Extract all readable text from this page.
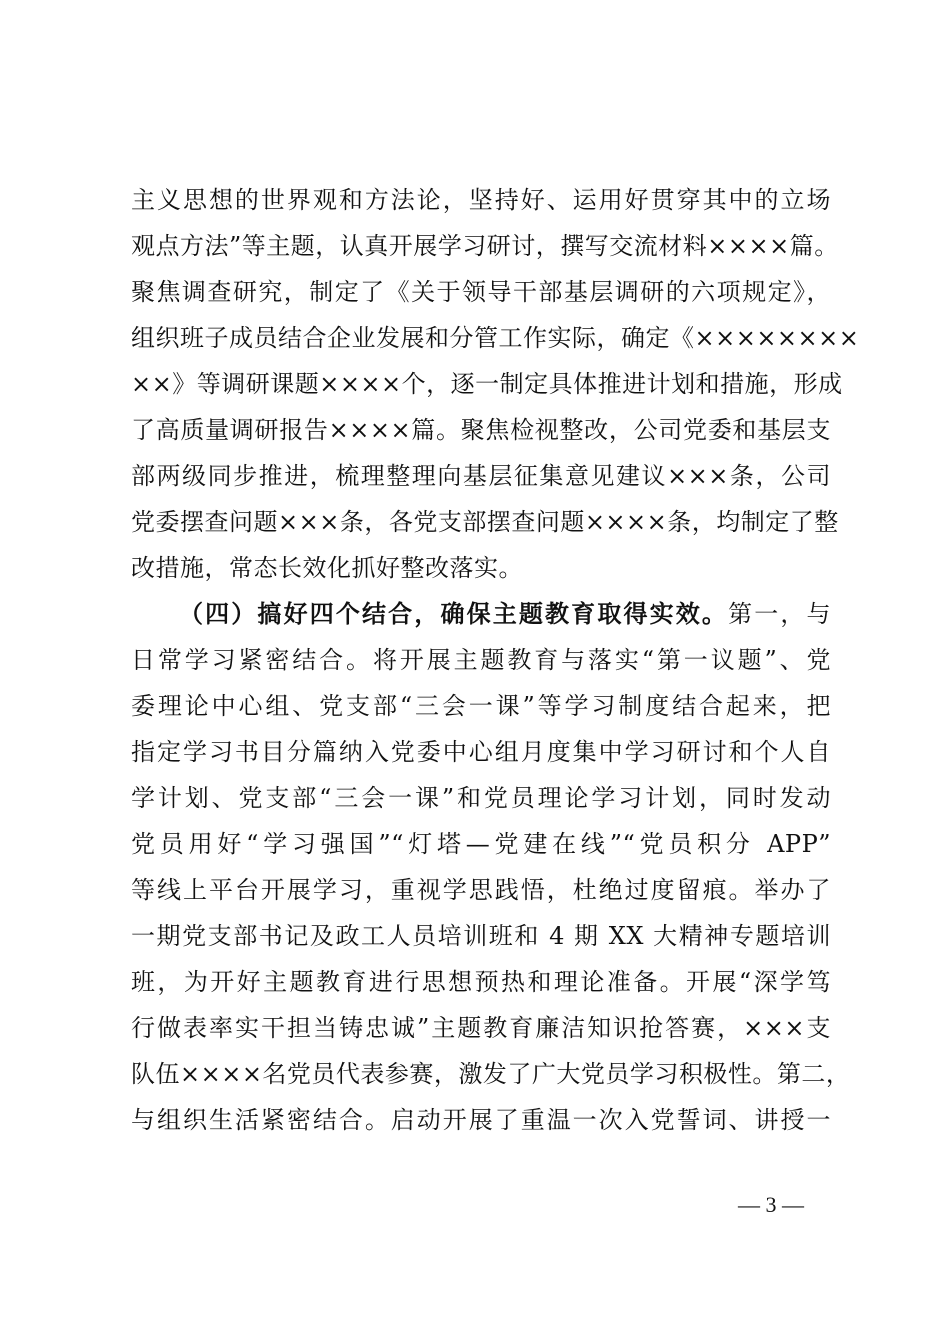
主义思想的世界观和方法论，坚持好、运用好贯穿其中的立场
观点方法”等主题，认真开展学习研讨，撰写交流材料××××篇。
聚焦调查研究，制定了《关于领导干部基层调研的六项规定》，
组织班子成员结合企业发展和分管工作实际，确定《××××××××
××》等调研课题××××个，逐一制定具体推进计划和措施，形成
了高质量调研报告××××篇。聚焦检视整改，公司党委和基层支
部两级同步推进，梳理整理向基层征集意见建议×××条，公司
党委摆查问题×××条，各党支部摆查问题××××条，均制定了整
改措施，常态长效化抓好整改落实。
（四）搞好四个结合，确保主题教育取得实效。第一，与
日常学习紧密结合。将开展主题教育与落实“第一议题”、党
委理论中心组、党支部“三会一课”等学习制度结合起来，把
指定学习书目分篇纳入党委中心组月度集中学习研讨和个人自
学计划、党支部“三会一课”和党员理论学习计划，同时发动
党员用好“学习强国”“灯塔—党建在线”“党员积分 APP”
等线上平台开展学习，重视学思践悟，杜绝过度留痕。举办了
一期党支部书记及政工人员培训班和 4 期 XX 大精神专题培训
班，为开好主题教育进行思想预热和理论准备。开展“深学笃
行做表率实干担当铸忠诚”主题教育廉洁知识抢答赛，×××支
队伍××××名党员代表参赛，激发了广大党员学习积极性。第二，
与组织生活紧密结合。启动开展了重温一次入党誓词、讲授一
— 3 —
